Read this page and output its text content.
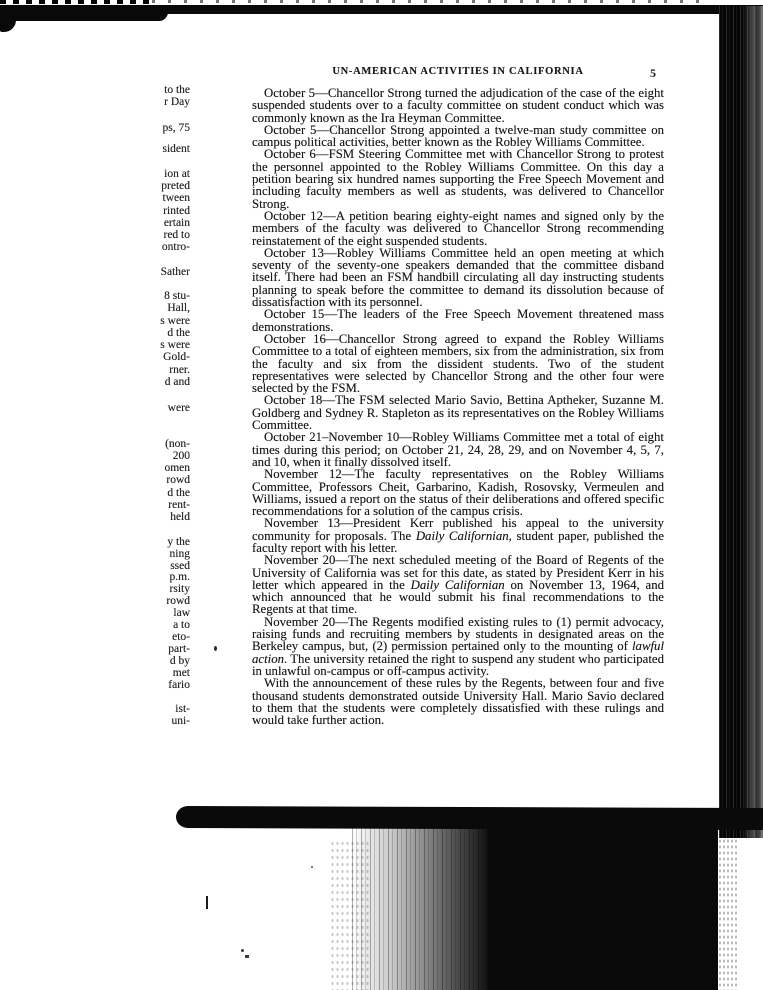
UN-AMERICAN ACTIVITIES IN CALIFORNIA	5
to the
r Day
ps, 75
sident
ion at
preted
tween
rinted
ertain
red to
ontro-
Sather
8 stu-
Hall,
s were
d the
s were
Gold-
rner.
d and
were
(non-
200
omen
rowd
d the
rent-
held
y the
ning
ssed
p.m.
rsity
rowd
law
a to
eto-
part-
d by
met
fario
ist-
uni-

October 5—Chancellor Strong turned the adjudication of the case of the eight suspended students over to a faculty committee on student conduct which was commonly known as the Ira Heyman Committee.

October 5—Chancellor Strong appointed a twelve-man study committee on campus political activities, better known as the Robley Williams Committee.

October 6—FSM Steering Committee met with Chancellor Strong to protest the personnel appointed to the Robley Williams Committee. On this day a petition bearing six hundred names supporting the Free Speech Movement and including faculty members as well as students, was delivered to Chancellor Strong.

October 12—A petition bearing eighty-eight names and signed only by the members of the faculty was delivered to Chancellor Strong recommending reinstatement of the eight suspended students.

October 13—Robley Williams Committee held an open meeting at which seventy of the seventy-one speakers demanded that the committee disband itself. There had been an FSM handbill circulating all day instructing students planning to speak before the committee to demand its dissolution because of dissatisfaction with its personnel.

October 15—The leaders of the Free Speech Movement threatened mass demonstrations.

October 16—Chancellor Strong agreed to expand the Robley Williams Committee to a total of eighteen members, six from the administration, six from the faculty and six from the dissident students. Two of the student representatives were selected by Chancellor Strong and the other four were selected by the FSM.

October 18—The FSM selected Mario Savio, Bettina Aptheker, Suzanne M. Goldberg and Sydney R. Stapleton as its representatives on the Robley Williams Committee.

October 21–November 10—Robley Williams Committee met a total of eight times during this period; on October 21, 24, 28, 29, and on November 4, 5, 7, and 10, when it finally dissolved itself.

November 12—The faculty representatives on the Robley Williams Committee, Professors Cheit, Garbarino, Kadish, Rosovsky, Vermeulen and Williams, issued a report on the status of their deliberations and offered specific recommendations for a solution of the campus crisis.

November 13—President Kerr published his appeal to the university community for proposals. The Daily Californian, student paper, published the faculty report with his letter.

November 20—The next scheduled meeting of the Board of Regents of the University of California was set for this date, as stated by President Kerr in his letter which appeared in the Daily Californian on November 13, 1964, and which announced that he would submit his final recommendations to the Regents at that time.

November 20—The Regents modified existing rules to (1) permit advocacy, raising funds and recruiting members by students in designated areas on the Berkeley campus, but, (2) permission pertained only to the mounting of lawful action. The university retained the right to suspend any student who participated in unlawful on-campus or off-campus activity.

With the announcement of these rules by the Regents, between four and five thousand students demonstrated outside University Hall. Mario Savio declared to them that the students were completely dissatisfied with these rulings and would take further action.
